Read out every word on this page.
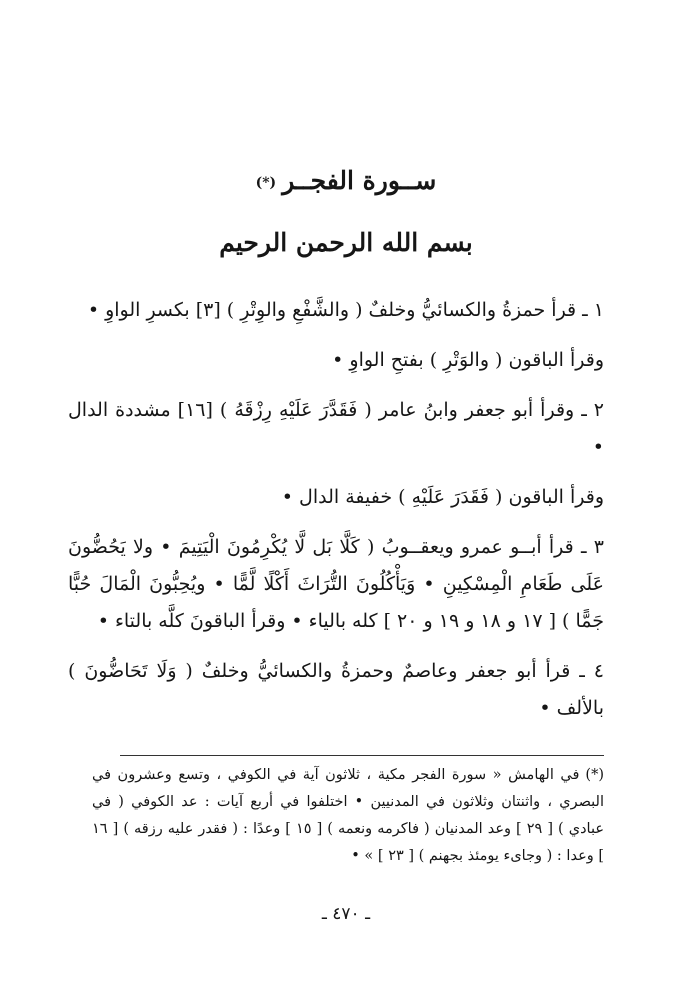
ســورة الفجــر(*)
بسم الله الرحمن الرحيم

١ ـ قرأ حمزةُ والكسائيُّ وخلفٌ ( والشَّفْعِ والوِتْرِ ) [٣] بكسرِ الواوِ •

وقرأ الباقون ( والوَتْرِ ) بفتحِ الواوِ •

٢ ـ وقرأ أبو جعفر وابنُ عامر ( فَقَدَّرَ عَلَيْهِ رِزْقَهُ ) [١٦] مشددة الدال •

وقرأ الباقون ( فَقَدَرَ عَلَيْهِ ) خفيفة الدال •

٣ ـ قرأ أبــو عمرو ويعقــوبُ ( كَلَّا بَل لَّا يُكْرِمُونَ الْيَتِيمَ • ولا يَحُضُّونَ عَلَى طَعَامِ الْمِسْكِينِ • وَيَأْكُلُونَ التُّرَاثَ أَكْلًا لَّمًّا • ويُحِبُّونَ الْمَالَ حُبًّا جَمًّا ) [ ١٧ و ١٨ و ١٩ و ٢٠ ] كله بالياء • وقرأ الباقونَ كلَّه بالتاء •

٤ ـ قرأ أبو جعفر وعاصمٌ وحمزةُ والكسائيُّ وخلفٌ ( وَلَا تَحَاضُّونَ ) بالألف •

(*)في الهامش « سورة الفجر مكية ، ثلاثون آية في الكوفي ، وتسع وعشرون في البصري ، واثنتان وثلاثون في المدنيين • اختلفوا في أربع آيات : عد الكوفي ( في عبادي ) [ ٢٩ ] وعد المدنيان ( فاكرمه ونعمه ) [ ١٥ ] وعدًا : ( فقدر عليه رزقه ) [ ١٦ ] وعدا : ( وجاىء يومئذ بجهنم ) [ ٢٣ ] » •
ـ ٤٧٠ ـ
